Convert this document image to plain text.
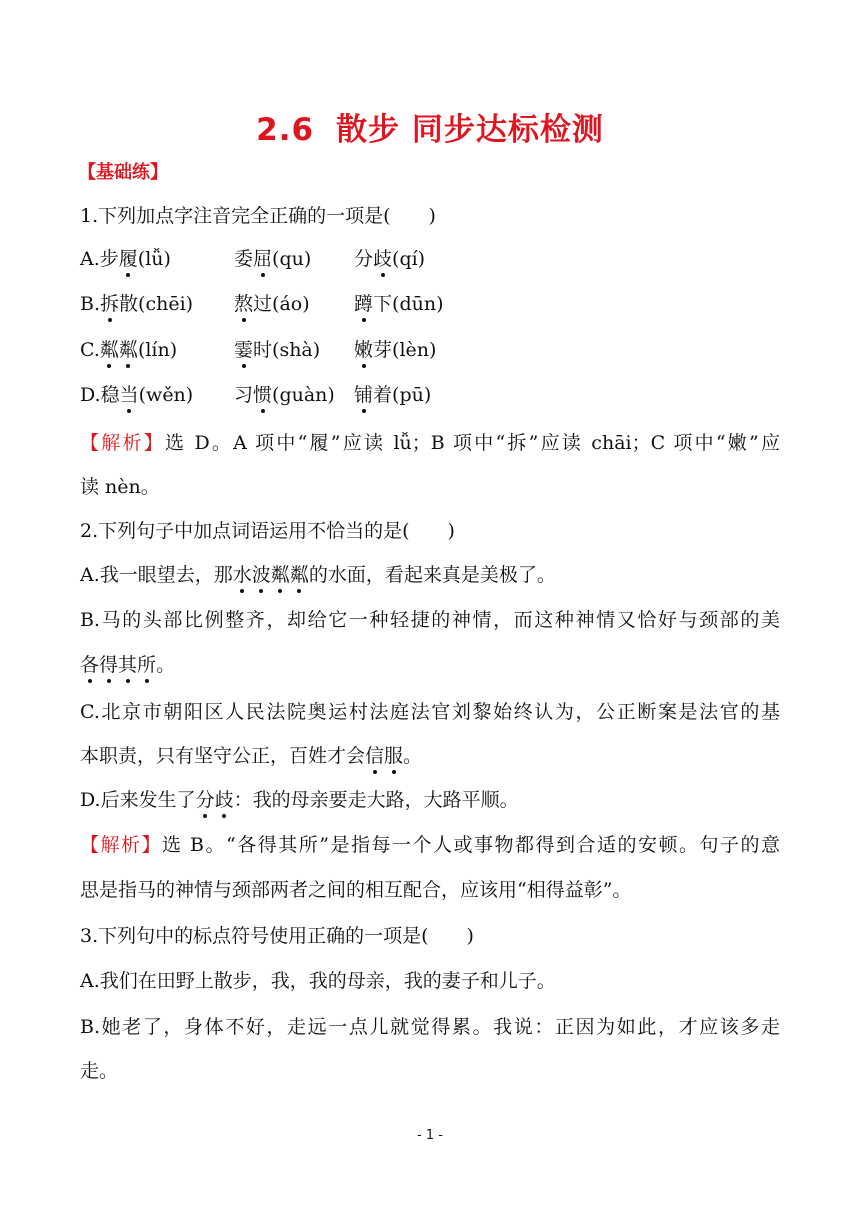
2.6 散步 同步达标检测
【基础练】
1.下列加点字注音完全正确的一项是(　　)
A.步履(lǚ)	委屈(qu) 分歧(qí)
B.拆散(chēi) 熬过(áo) 蹲下(dūn)
C.粼粼(lín)	霎时(shà) 嫩芽(lèn)
D.稳当(wěn) 习惯(guàn) 铺着(pū)
【解析】选 D。A 项中“履”应读 lǚ；B 项中“拆”应读 chāi；C 项中“嫩”应
读 nèn。
2.下列句子中加点词语运用不恰当的是(　　)
A.我一眼望去，那水波粼粼的水面，看起来真是美极了。
B.马的头部比例整齐，却给它一种轻捷的神情，而这种神情又恰好与颈部的美
各得其所。
C.北京市朝阳区人民法院奥运村法庭法官刘黎始终认为，公正断案是法官的基
本职责，只有坚守公正，百姓才会信服。
D.后来发生了分歧：我的母亲要走大路，大路平顺。
【解析】选 B。“各得其所”是指每一个人或事物都得到合适的安顿。句子的意
思是指马的神情与颈部两者之间的相互配合，应该用“相得益彰”。
3.下列句中的标点符号使用正确的一项是(　　)
A.我们在田野上散步，我，我的母亲，我的妻子和儿子。
B.她老了，身体不好，走远一点儿就觉得累。我说：正因为如此，才应该多走
走。
- 1 -
